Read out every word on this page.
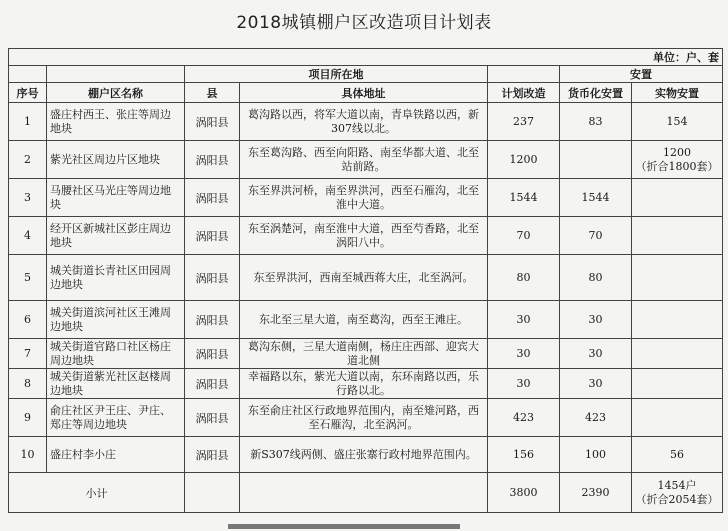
2018城镇棚户区改造项目计划表
单位：户、套						
		项目所在地			安置	
序号	棚户区名称	县	具体地址	计划改造	货币化安置	实物安置
1	盛庄村西王、张庄等周边地块	涡阳县	葛沟路以西，将军大道以南，青阜铁路以西，新307线以北。	237	83	154
2	紫光社区周边片区地块	涡阳县	东至葛沟路、西至向阳路、南至华都大道、北至站前路。	1200		1200
（折合1800套）
3	马腰社区马光庄等周边地块	涡阳县	东至界洪河桥，南至界洪河，西至石雁沟，北至淮中大道。	1544	1544	
4	经开区新城社区彭庄周边地块	涡阳县	东至涡楚河，南至淮中大道，西至芍香路，北至涡阳八中。	70	70	
5	城关街道长青社区田园周边地块	涡阳县	东至界洪河，西南至城西蒋大庄，北至涡河。	80	80	
6	城关街道滨河社区王滩周边地块	涡阳县	东北至三星大道，南至葛沟，西至王滩庄。	30	30	
7	城关街道官路口社区杨庄周边地块	涡阳县	葛沟东侧，三星大道南侧，杨庄庄西部、迎宾大道北侧	30	30	
8	城关街道紫光社区赵楼周边地块	涡阳县	幸福路以东，紫光大道以南，东环南路以西，乐行路以北。	30	30	
9	俞庄社区尹王庄、尹庄、郑庄等周边地块	涡阳县	东至俞庄社区行政地界范围内，南至雉河路，西至石雁沟，北至涡河。	423	423	
10	盛庄村李小庄	涡阳县	新S307线两侧、盛庄张寨行政村地界范围内。	156	100	56
小计				3800	2390	1454户
（折合2054套）
